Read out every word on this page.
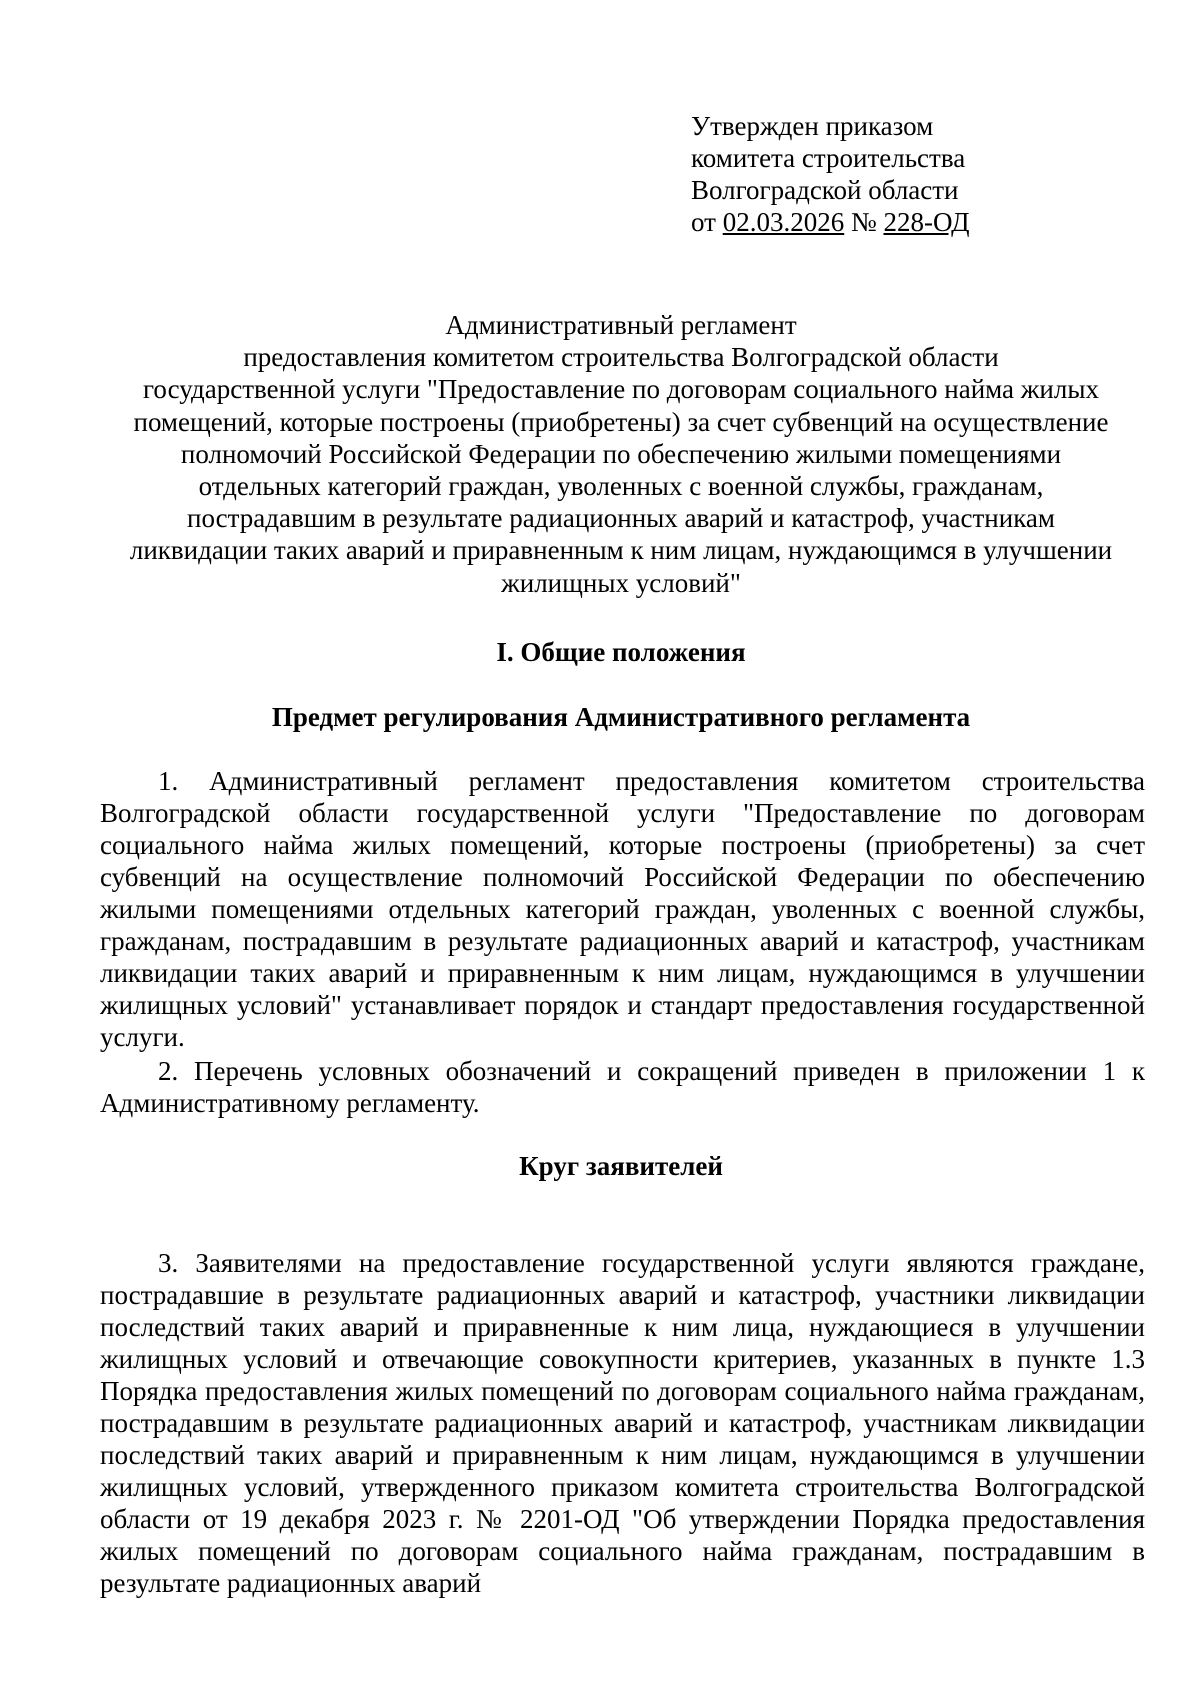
Утвержден приказом
комитета строительства
Волгоградской области
от 02.03.2026 № 228-ОД
Административный регламент
предоставления комитетом строительства Волгоградской области
государственной услуги "Предоставление по договорам социального найма жилых
помещений, которые построены (приобретены) за счет субвенций на осуществление
полномочий Российской Федерации по обеспечению жилыми помещениями
отдельных категорий граждан, уволенных с военной службы, гражданам,
пострадавшим в результате радиационных аварий и катастроф, участникам
ликвидации таких аварий и приравненным к ним лицам, нуждающимся в улучшении
жилищных условий"
I. Общие положения
Предмет регулирования Административного регламента
1. Административный регламент предоставления комитетом строительства Волгоградской области государственной услуги "Предоставление по договорам социального найма жилых помещений, которые построены (приобретены) за счет субвенций на осуществление полномочий Российской Федерации по обеспечению жилыми помещениями отдельных категорий граждан, уволенных с военной службы, гражданам, пострадавшим в результате радиационных аварий и катастроф, участникам ликвидации таких аварий и приравненным к ним лицам, нуждающимся в улучшении жилищных условий" устанавливает порядок и стандарт предоставления государственной услуги.
2. Перечень условных обозначений и сокращений приведен в приложении 1 к Административному регламенту.
Круг заявителей
3. Заявителями на предоставление государственной услуги являются граждане, пострадавшие в результате радиационных аварий и катастроф, участники ликвидации последствий таких аварий и приравненные к ним лица, нуждающиеся в улучшении жилищных условий и отвечающие совокупности критериев, указанных в пункте 1.3 Порядка предоставления жилых помещений по договорам социального найма гражданам, пострадавшим в результате радиационных аварий и катастроф, участникам ликвидации последствий таких аварий и приравненным к ним лицам, нуждающимся в улучшении жилищных условий, утвержденного приказом комитета строительства Волгоградской области от 19 декабря 2023 г. № 2201-ОД "Об утверждении Порядка предоставления жилых помещений по договорам социального найма гражданам, пострадавшим в результате радиационных аварий
